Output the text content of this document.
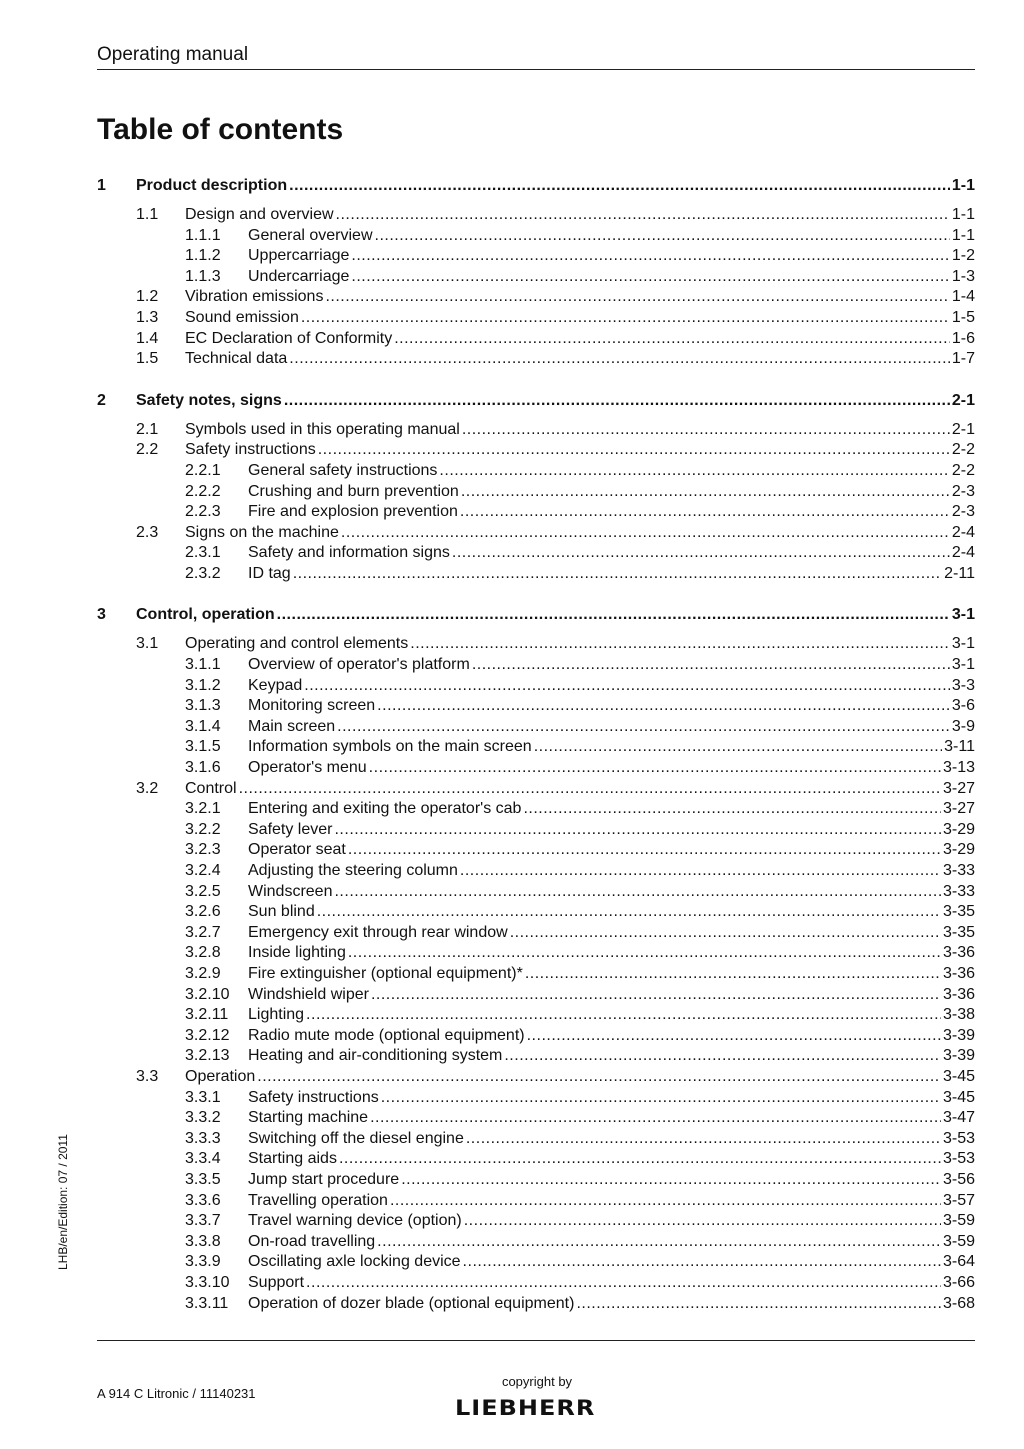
Operating manual
Table of contents
1 Product description .....	1-1
1.1 Design and overview .....	1-1
1.1.1 General overview .....	1-1
1.1.2 Uppercarriage .....	1-2
1.1.3 Undercarriage .....	1-3
1.2 Vibration emissions .....	1-4
1.3 Sound emission .....	1-5
1.4 EC Declaration of Conformity .....	1-6
1.5 Technical data .....	1-7
2 Safety notes, signs .....	2-1
2.1 Symbols used in this operating manual .....	2-1
2.2 Safety instructions .....	2-2
2.2.1 General safety instructions .....	2-2
2.2.2 Crushing and burn prevention .....	2-3
2.2.3 Fire and explosion prevention .....	2-3
2.3 Signs on the machine .....	2-4
2.3.1 Safety and information signs .....	2-4
2.3.2 ID tag .....	2-11
3 Control, operation .....	3-1
3.1 Operating and control elements .....	3-1
3.1.1 Overview of operator's platform .....	3-1
3.1.2 Keypad .....	3-3
3.1.3 Monitoring screen .....	3-6
3.1.4 Main screen .....	3-9
3.1.5 Information symbols on the main screen .....	3-11
3.1.6 Operator's menu .....	3-13
3.2 Control .....	3-27
3.2.1 Entering and exiting the operator's cab .....	3-27
3.2.2 Safety lever .....	3-29
3.2.3 Operator seat .....	3-29
3.2.4 Adjusting the steering column .....	3-33
3.2.5 Windscreen .....	3-33
3.2.6 Sun blind .....	3-35
3.2.7 Emergency exit through rear window .....	3-35
3.2.8 Inside lighting .....	3-36
3.2.9 Fire extinguisher (optional equipment)* .....	3-36
3.2.10 Windshield wiper .....	3-36
3.2.11 Lighting .....	3-38
3.2.12 Radio mute mode (optional equipment) .....	3-39
3.2.13 Heating and air-conditioning system .....	3-39
3.3 Operation .....	3-45
3.3.1 Safety instructions .....	3-45
3.3.2 Starting machine .....	3-47
3.3.3 Switching off the diesel engine .....	3-53
3.3.4 Starting aids .....	3-53
3.3.5 Jump start procedure .....	3-56
3.3.6 Travelling operation .....	3-57
3.3.7 Travel warning device (option) .....	3-59
3.3.8 On-road travelling .....	3-59
3.3.9 Oscillating axle locking device .....	3-64
3.3.10 Support .....	3-66
3.3.11 Operation of dozer blade (optional equipment) .....	3-68
A 914 C Litronic / 11140231
copyright by
LIEBHERR
LHB/en/Edition: 07 / 2011
